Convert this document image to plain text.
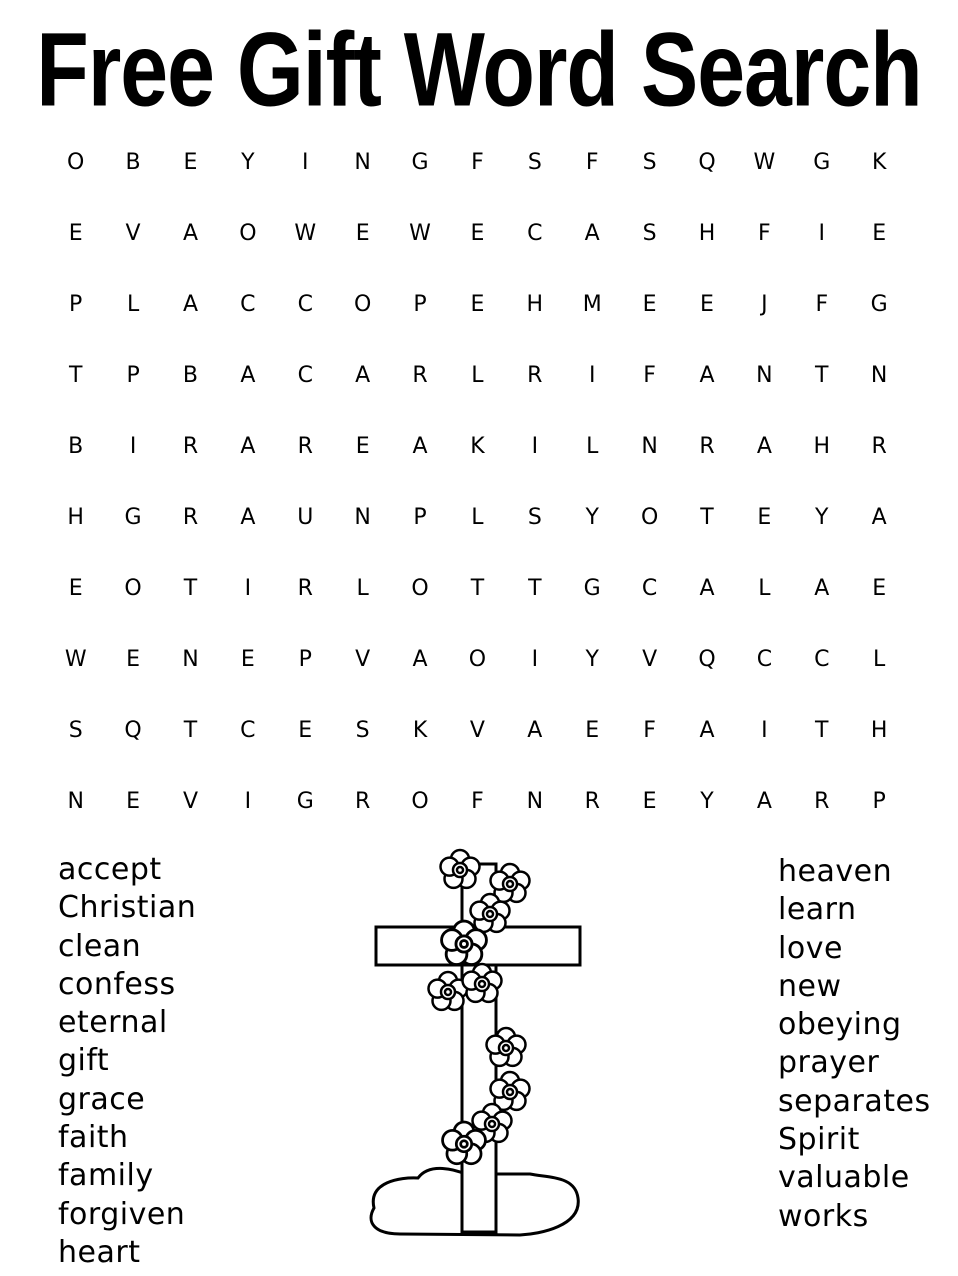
Free Gift Word Search
O	B	E	Y	I	N	G	F	S	F	S	Q	W	G	K
E	V	A	O	W	E	W	E	C	A	S	H	F	I	E
P	L	A	C	C	O	P	E	H	M	E	E	J	F	G
T	P	B	A	C	A	R	L	R	I	F	A	N	T	N
B	I	R	A	R	E	A	K	I	L	N	R	A	H	R
H	G	R	A	U	N	P	L	S	Y	O	T	E	Y	A
E	O	T	I	R	L	O	T	T	G	C	A	L	A	E
W	E	N	E	P	V	A	O	I	Y	V	Q	C	C	L
S	Q	T	C	E	S	K	V	A	E	F	A	I	T	H
N	E	V	I	G	R	O	F	N	R	E	Y	A	R	P
accept
Christian
clean
confess
eternal
gift
grace
faith
family
forgiven
heart
heaven
learn
love
new
obeying
prayer
separates
Spirit
valuable
works
